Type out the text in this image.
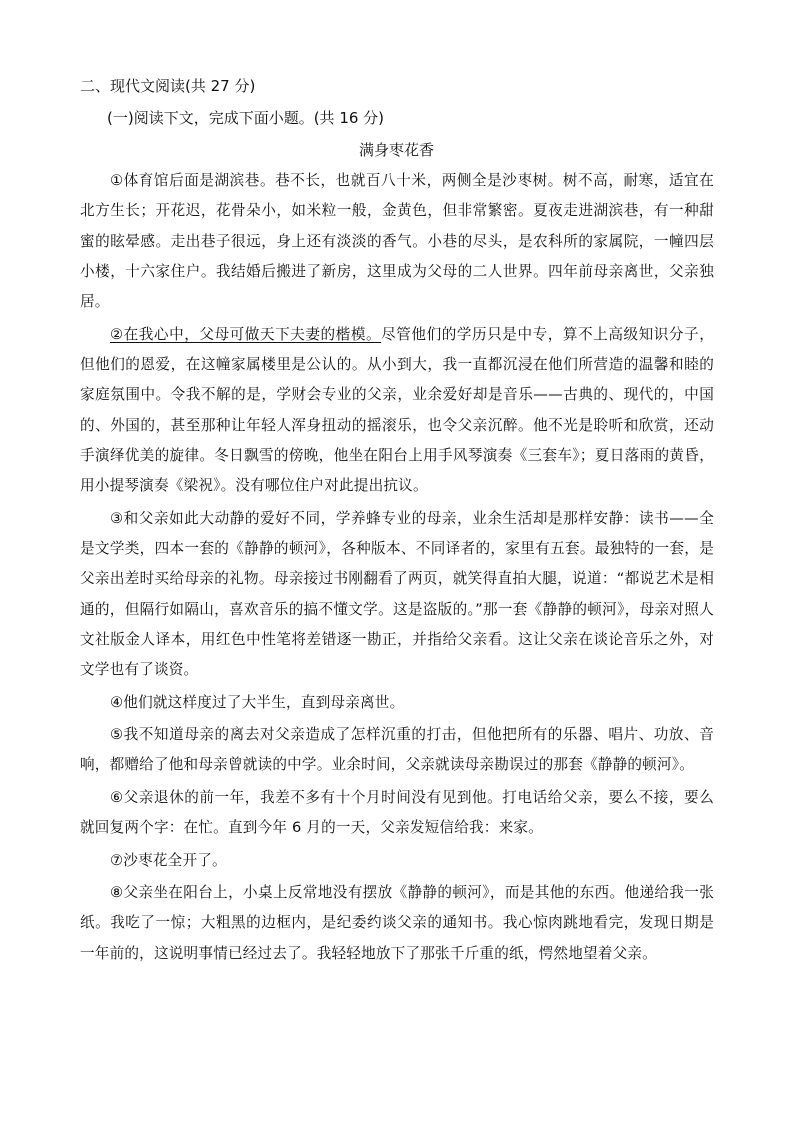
二、现代文阅读(共 27 分)
(一)阅读下文，完成下面小题。(共 16 分)
满身枣花香

①体育馆后面是湖滨巷。巷不长，也就百八十米，两侧全是沙枣树。树不高，耐寒，适宜在北方生长；开花迟，花骨朵小，如米粒一般，金黄色，但非常繁密。夏夜走进湖滨巷，有一种甜蜜的眩晕感。走出巷子很远，身上还有淡淡的香气。小巷的尽头，是农科所的家属院，一幢四层小楼，十六家住户。我结婚后搬进了新房，这里成为父母的二人世界。四年前母亲离世，父亲独居。

②在我心中，父母可做天下夫妻的楷模。尽管他们的学历只是中专，算不上高级知识分子，但他们的恩爱，在这幢家属楼里是公认的。从小到大，我一直都沉浸在他们所营造的温馨和睦的家庭氛围中。令我不解的是，学财会专业的父亲，业余爱好却是音乐——古典的、现代的，中国的、外国的，甚至那种让年轻人浑身扭动的摇滚乐，也令父亲沉醉。他不光是聆听和欣赏，还动手演绎优美的旋律。冬日飘雪的傍晚，他坐在阳台上用手风琴演奏《三套车》；夏日落雨的黄昏，用小提琴演奏《梁祝》。没有哪位住户对此提出抗议。

③和父亲如此大动静的爱好不同，学养蜂专业的母亲，业余生活却是那样安静：读书——全是文学类，四本一套的《静静的顿河》，各种版本、不同译者的，家里有五套。最独特的一套，是父亲出差时买给母亲的礼物。母亲接过书刚翻看了两页，就笑得直拍大腿，说道：“都说艺术是相通的，但隔行如隔山，喜欢音乐的搞不懂文学。这是盗版的。”那一套《静静的顿河》，母亲对照人文社版金人译本，用红色中性笔将差错逐一勘正，并指给父亲看。这让父亲在谈论音乐之外，对文学也有了谈资。

④他们就这样度过了大半生，直到母亲离世。

⑤我不知道母亲的离去对父亲造成了怎样沉重的打击，但他把所有的乐器、唱片、功放、音响，都赠给了他和母亲曾就读的中学。业余时间，父亲就读母亲勘误过的那套《静静的顿河》。

⑥父亲退休的前一年，我差不多有十个月时间没有见到他。打电话给父亲，要么不接，要么就回复两个字：在忙。直到今年 6 月的一天，父亲发短信给我：来家。

⑦沙枣花全开了。

⑧父亲坐在阳台上，小桌上反常地没有摆放《静静的顿河》，而是其他的东西。他递给我一张纸。我吃了一惊；大粗黑的边框内，是纪委约谈父亲的通知书。我心惊肉跳地看完，发现日期是一年前的，这说明事情已经过去了。我轻轻地放下了那张千斤重的纸，愕然地望着父亲。
